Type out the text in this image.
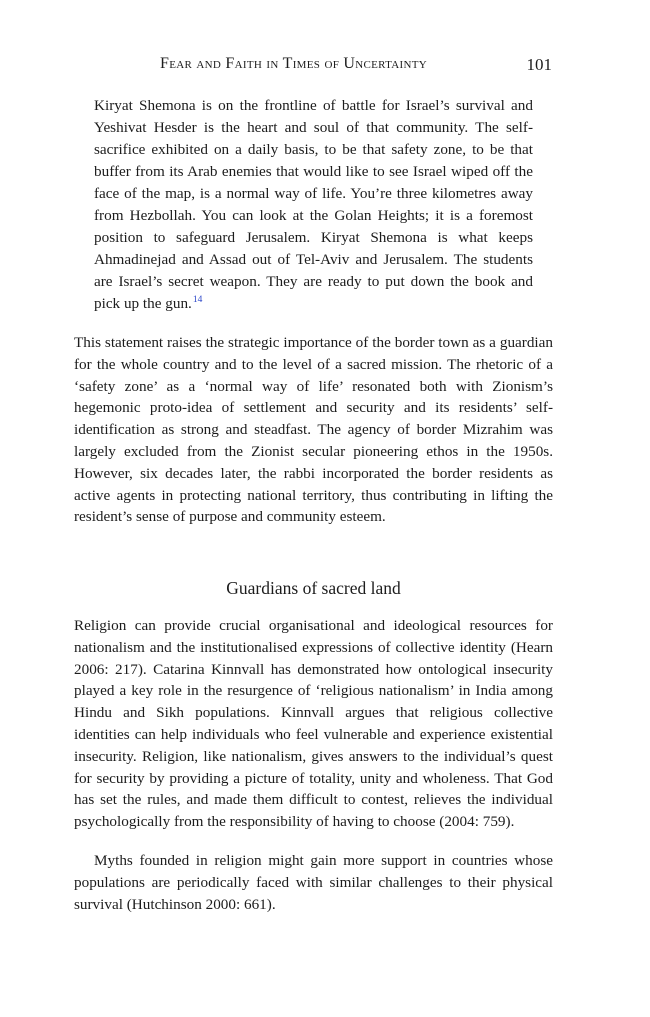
Fear and Faith in Times of Uncertainty	101

Kiryat Shemona is on the frontline of battle for Israel’s survival and Yeshivat Hesder is the heart and soul of that community. The self-sacrifice exhibited on a daily basis, to be that safety zone, to be that buffer from its Arab enemies that would like to see Israel wiped off the face of the map, is a normal way of life. You’re three kilometres away from Hezbollah. You can look at the Golan Heights; it is a foremost position to safeguard Jerusalem. Kiryat Shemona is what keeps Ahmadinejad and Assad out of Tel-Aviv and Jerusalem. The students are Israel’s secret weapon. They are ready to put down the book and pick up the gun.$^{14}$

This statement raises the strategic importance of the border town as a guardian for the whole country and to the level of a sacred mission. The rhetoric of a ‘safety zone’ as a ‘normal way of life’ resonated both with Zionism’s hegemonic proto-idea of settlement and security and its residents’ self-identification as strong and steadfast. The agency of border Mizrahim was largely excluded from the Zionist secular pioneering ethos in the 1950s. However, six decades later, the rabbi incorporated the border residents as active agents in protecting national territory, thus contributing in lifting the resident’s sense of purpose and community esteem.

Guardians of sacred land

Religion can provide crucial organisational and ideological resources for nationalism and the institutionalised expressions of collective identity (Hearn 2006: 217). Catarina Kinnvall has demonstrated how ontological insecurity played a key role in the resurgence of ‘religious nationalism’ in India among Hindu and Sikh populations. Kinnvall argues that religious collective identities can help individuals who feel vulnerable and experience existential insecurity. Religion, like nationalism, gives answers to the individual’s quest for security by providing a picture of totality, unity and wholeness. That God has set the rules, and made them difficult to contest, relieves the individual psychologically from the responsibility of having to choose (2004: 759).

Myths founded in religion might gain more support in countries whose populations are periodically faced with similar challenges to their physical survival (Hutchinson 2000: 661).
